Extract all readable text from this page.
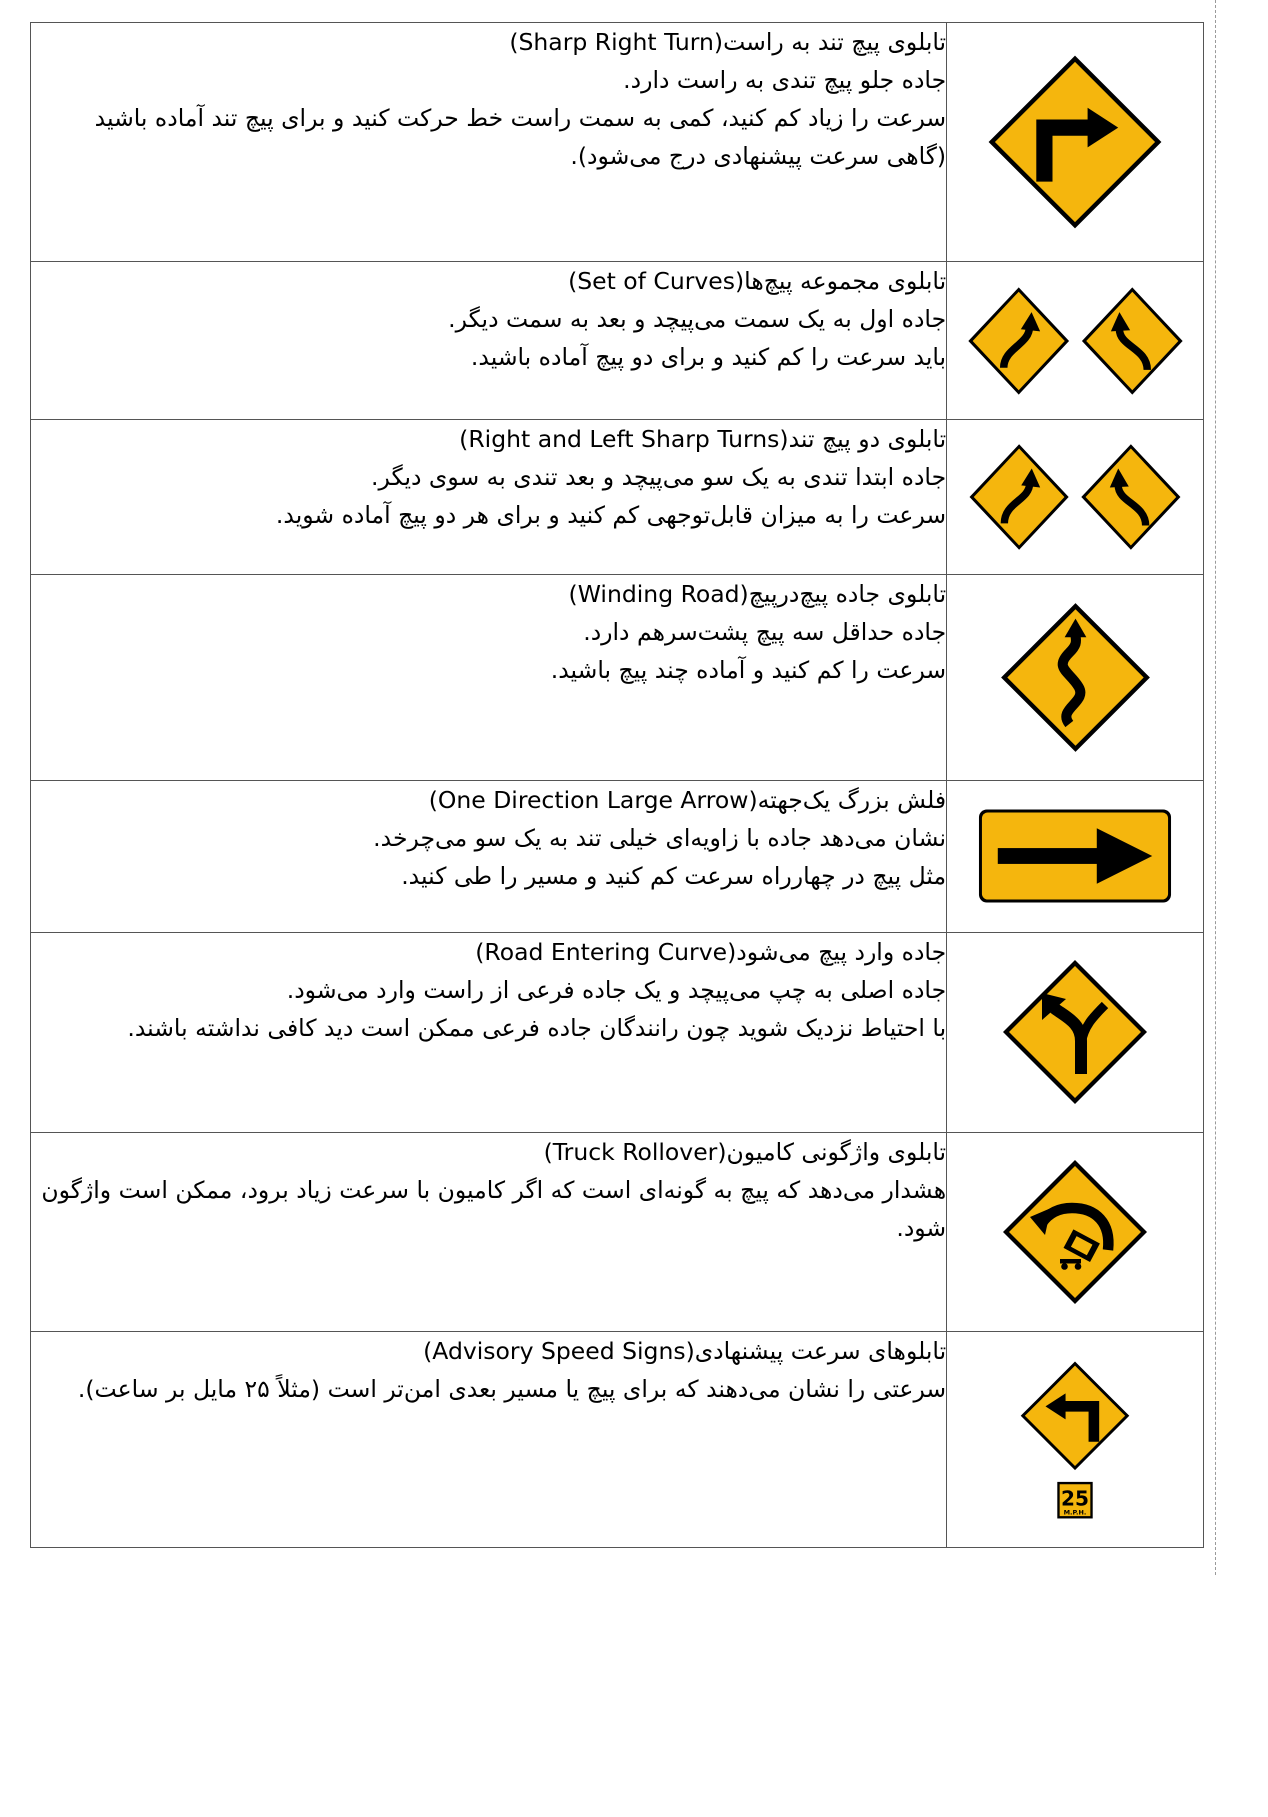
تابلوی پیچ تند به راست(Sharp Right Turn)
جاده جلو پیچ تندی به راست دارد.
سرعت را زیاد کم کنید، کمی به سمت راست خط حرکت کنید و برای پیچ تند آماده باشید (گاهی سرعت پیشنهادی درج می‌شود).

تابلوی مجموعه پیچ‌ها(Set of Curves)
جاده اول به یک سمت می‌پیچد و بعد به سمت دیگر.
باید سرعت را کم کنید و برای دو پیچ آماده باشید.

تابلوی دو پیچ تند(Right and Left Sharp Turns)
جاده ابتدا تندی به یک سو می‌پیچد و بعد تندی به سوی دیگر.
سرعت را به میزان قابل‌توجهی کم کنید و برای هر دو پیچ آماده شوید.

تابلوی جاده پیچ‌درپیچ(Winding Road)
جاده حداقل سه پیچ پشت‌سرهم دارد.
سرعت را کم کنید و آماده چند پیچ باشید.

فلش بزرگ یک‌جهته(One Direction Large Arrow)
نشان می‌دهد جاده با زاویه‌ای خیلی تند به یک سو می‌چرخد.
مثل پیچ در چهارراه سرعت کم کنید و مسیر را طی کنید.

جاده وارد پیچ می‌شود(Road Entering Curve)
جاده اصلی به چپ می‌پیچد و یک جاده فرعی از راست وارد می‌شود.
با احتیاط نزدیک شوید چون رانندگان جاده فرعی ممکن است دید کافی نداشته باشند.

تابلوی واژگونی کامیون(Truck Rollover)
هشدار می‌دهد که پیچ به گونه‌ای است که اگر کامیون با سرعت زیاد برود، ممکن است واژگون شود.

تابلوهای سرعت پیشنهادی(Advisory Speed Signs)
سرعتی را نشان می‌دهند که برای پیچ یا مسیر بعدی امن‌تر است (مثلاً ۲۵ مایل بر ساعت).	25
M.P.H.
